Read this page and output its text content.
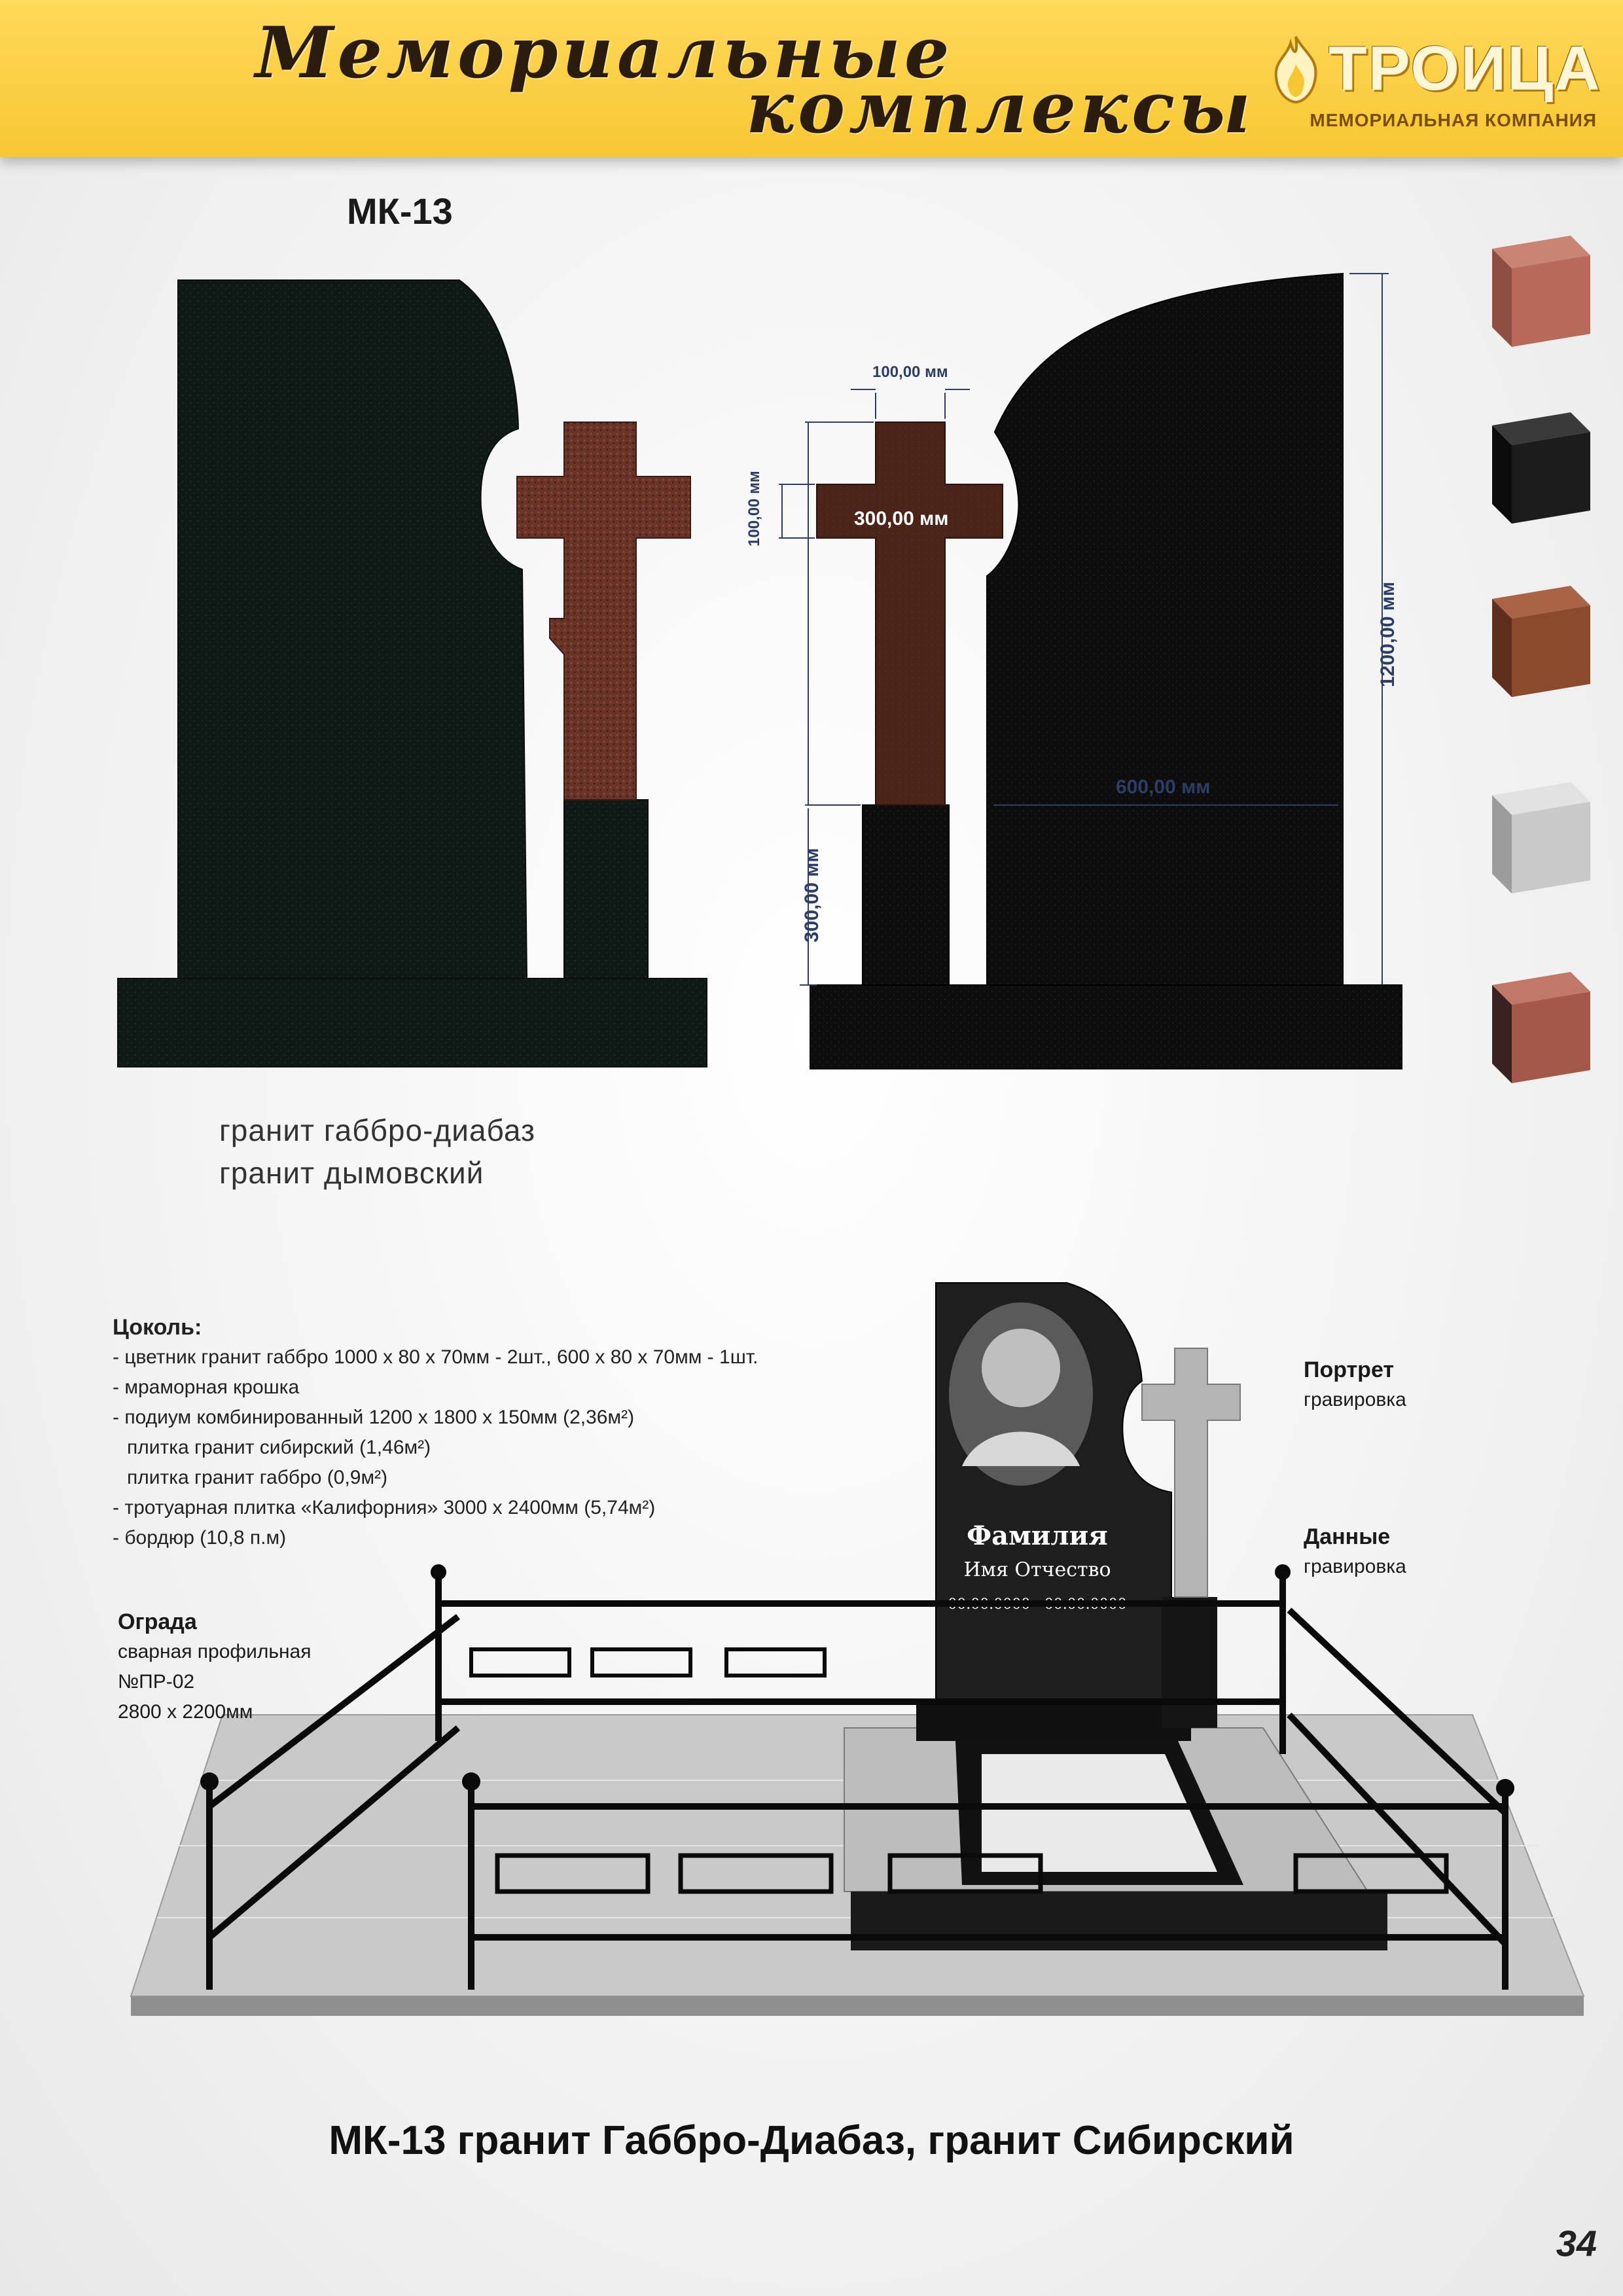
Мемориальные
комплексы ТРОИЦА
МЕМОРИАЛЬНАЯ КОМПАНИЯ
МК-13
100,00 мм
300,00 мм
100,00 мм
1200,00 мм
600,00 мм
300,00 мм
гранит габбро-диабаз
гранит дымовский
Фамилия
Имя Отчество
00.00.0000 - 00.00.0000
Цоколь:
- цветник гранит габбро 1000 х 80 х 70мм - 2шт., 600 х 80 х 70мм - 1шт.
- мраморная крошка
- подиум комбинированный 1200 х 1800 х 150мм (2,36м²)
плитка гранит сибирский (1,46м²)
плитка гранит габбро (0,9м²)
- тротуарная плитка «Калифорния» 3000 х 2400мм (5,74м²)
- бордюр (10,8 п.м)
Ограда
сварная профильная
№ПР-02
2800 х 2200мм
Портрет
гравировка
Данные
гравировка
МК-13 гранит Габбро-Диабаз, гранит Сибирский
34
